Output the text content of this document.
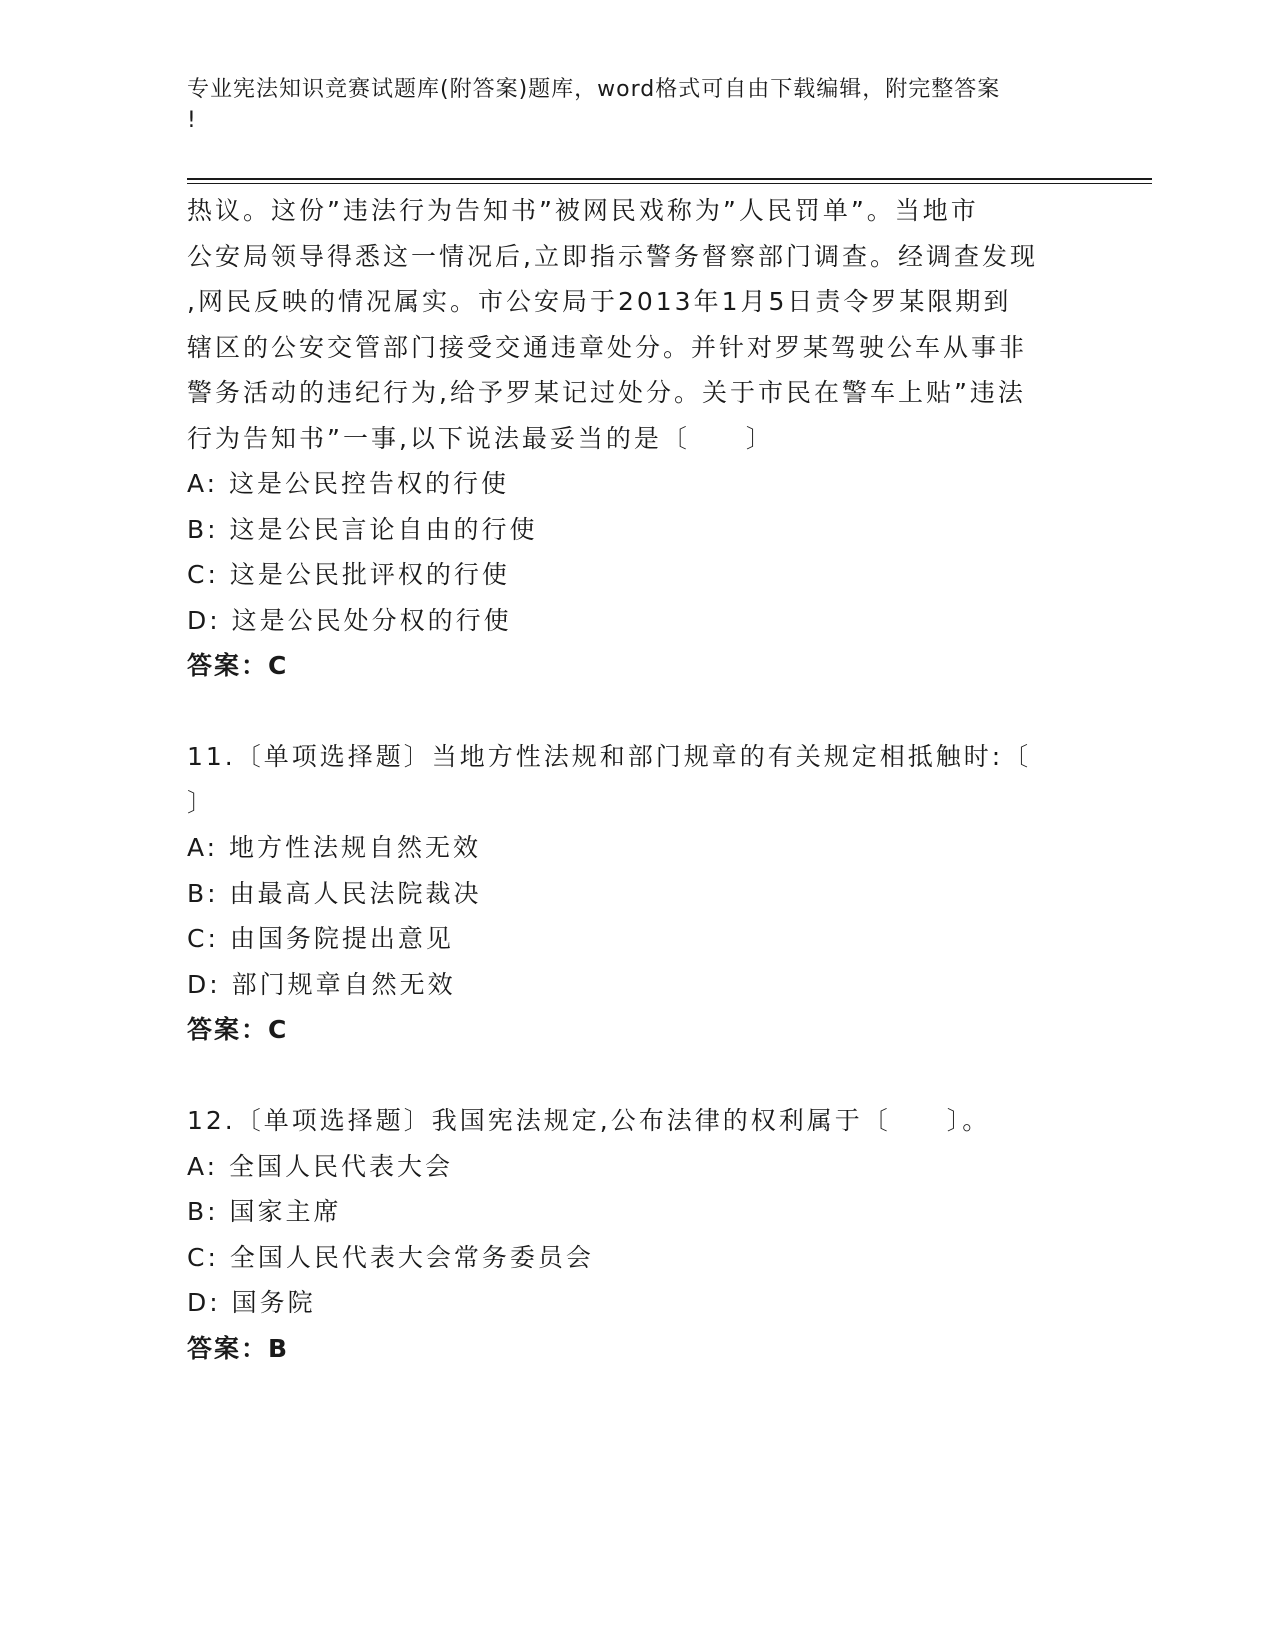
专业宪法知识竞赛试题库(附答案)题库，word格式可自由下载编辑，附完整答案
!
热议。这份”违法行为告知书”被网民戏称为”人民罚单”。当地市
公安局领导得悉这一情况后,立即指示警务督察部门调查。经调查发现
,网民反映的情况属实。市公安局于2013年1月5日责令罗某限期到
辖区的公安交管部门接受交通违章处分。并针对罗某驾驶公车从事非
警务活动的违纪行为,给予罗某记过处分。关于市民在警车上贴”违法
行为告知书”一事,以下说法最妥当的是〔　　〕
A: 这是公民控告权的行使
B: 这是公民言论自由的行使
C: 这是公民批评权的行使
D: 这是公民处分权的行使
答案：C
11.〔单项选择题〕当地方性法规和部门规章的有关规定相抵触时:〔
〕
A: 地方性法规自然无效
B: 由最高人民法院裁决
C: 由国务院提出意见
D: 部门规章自然无效
答案：C
12.〔单项选择题〕我国宪法规定,公布法律的权利属于〔　　〕。
A: 全国人民代表大会
B: 国家主席
C: 全国人民代表大会常务委员会
D: 国务院
答案：B
